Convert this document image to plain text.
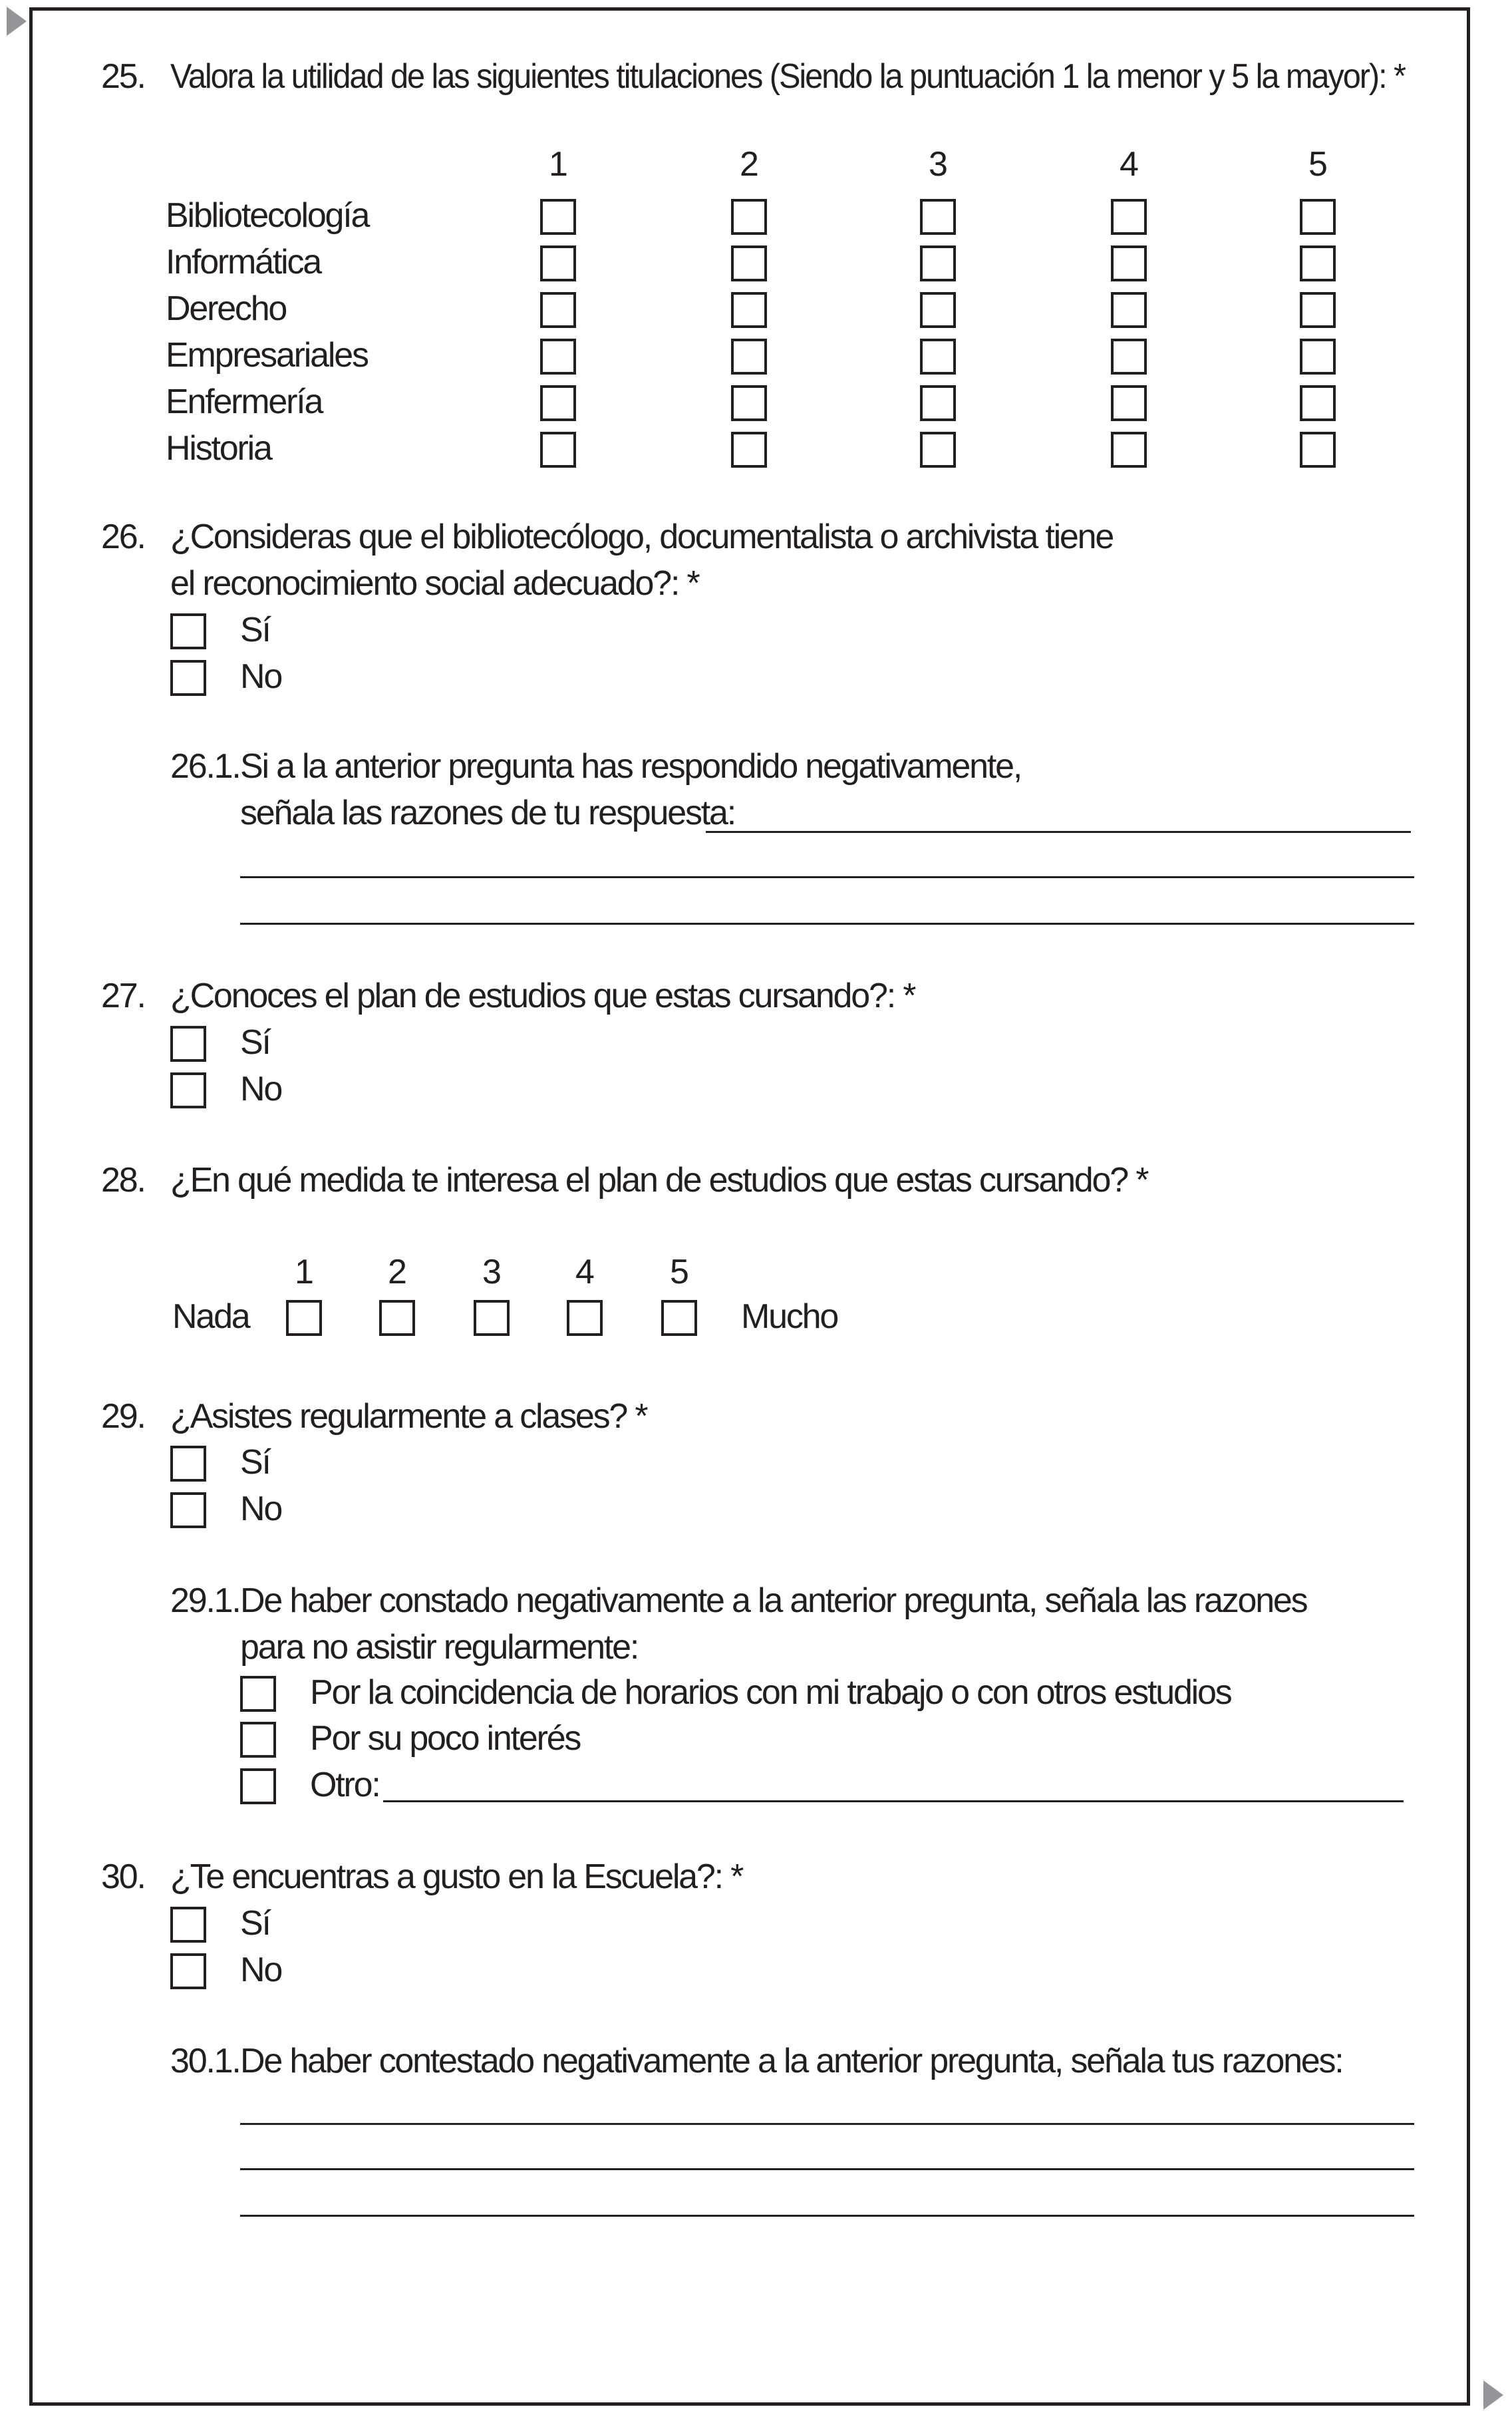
25. Valora la utilidad de las siguientes titulaciones (Siendo la puntuación 1 la menor y 5 la mayor): *
1	2	3	4	5
Bibliotecología
Informática
Derecho
Empresariales
Enfermería
Historia
26. ¿Consideras que el bibliotecólogo, documentalista o archivista tiene
el reconocimiento social adecuado?: *
Sí
No
26.1. Si a la anterior pregunta has respondido negativamente,
señala las razones de tu respuesta:
27. ¿Conoces el plan de estudios que estas cursando?: *
Sí
No
28. ¿En qué medida te interesa el plan de estudios que estas cursando? *
1 2 3 4 5
Nada	Mucho
29. ¿Asistes regularmente a clases? *
Sí
No
29.1. De haber constado negativamente a la anterior pregunta, señala las razones
para no asistir regularmente:
Por la coincidencia de horarios con mi trabajo o con otros estudios
Por su poco interés
Otro:
30. ¿Te encuentras a gusto en la Escuela?: *
Sí
No
30.1. De haber contestado negativamente a la anterior pregunta, señala tus razones:
